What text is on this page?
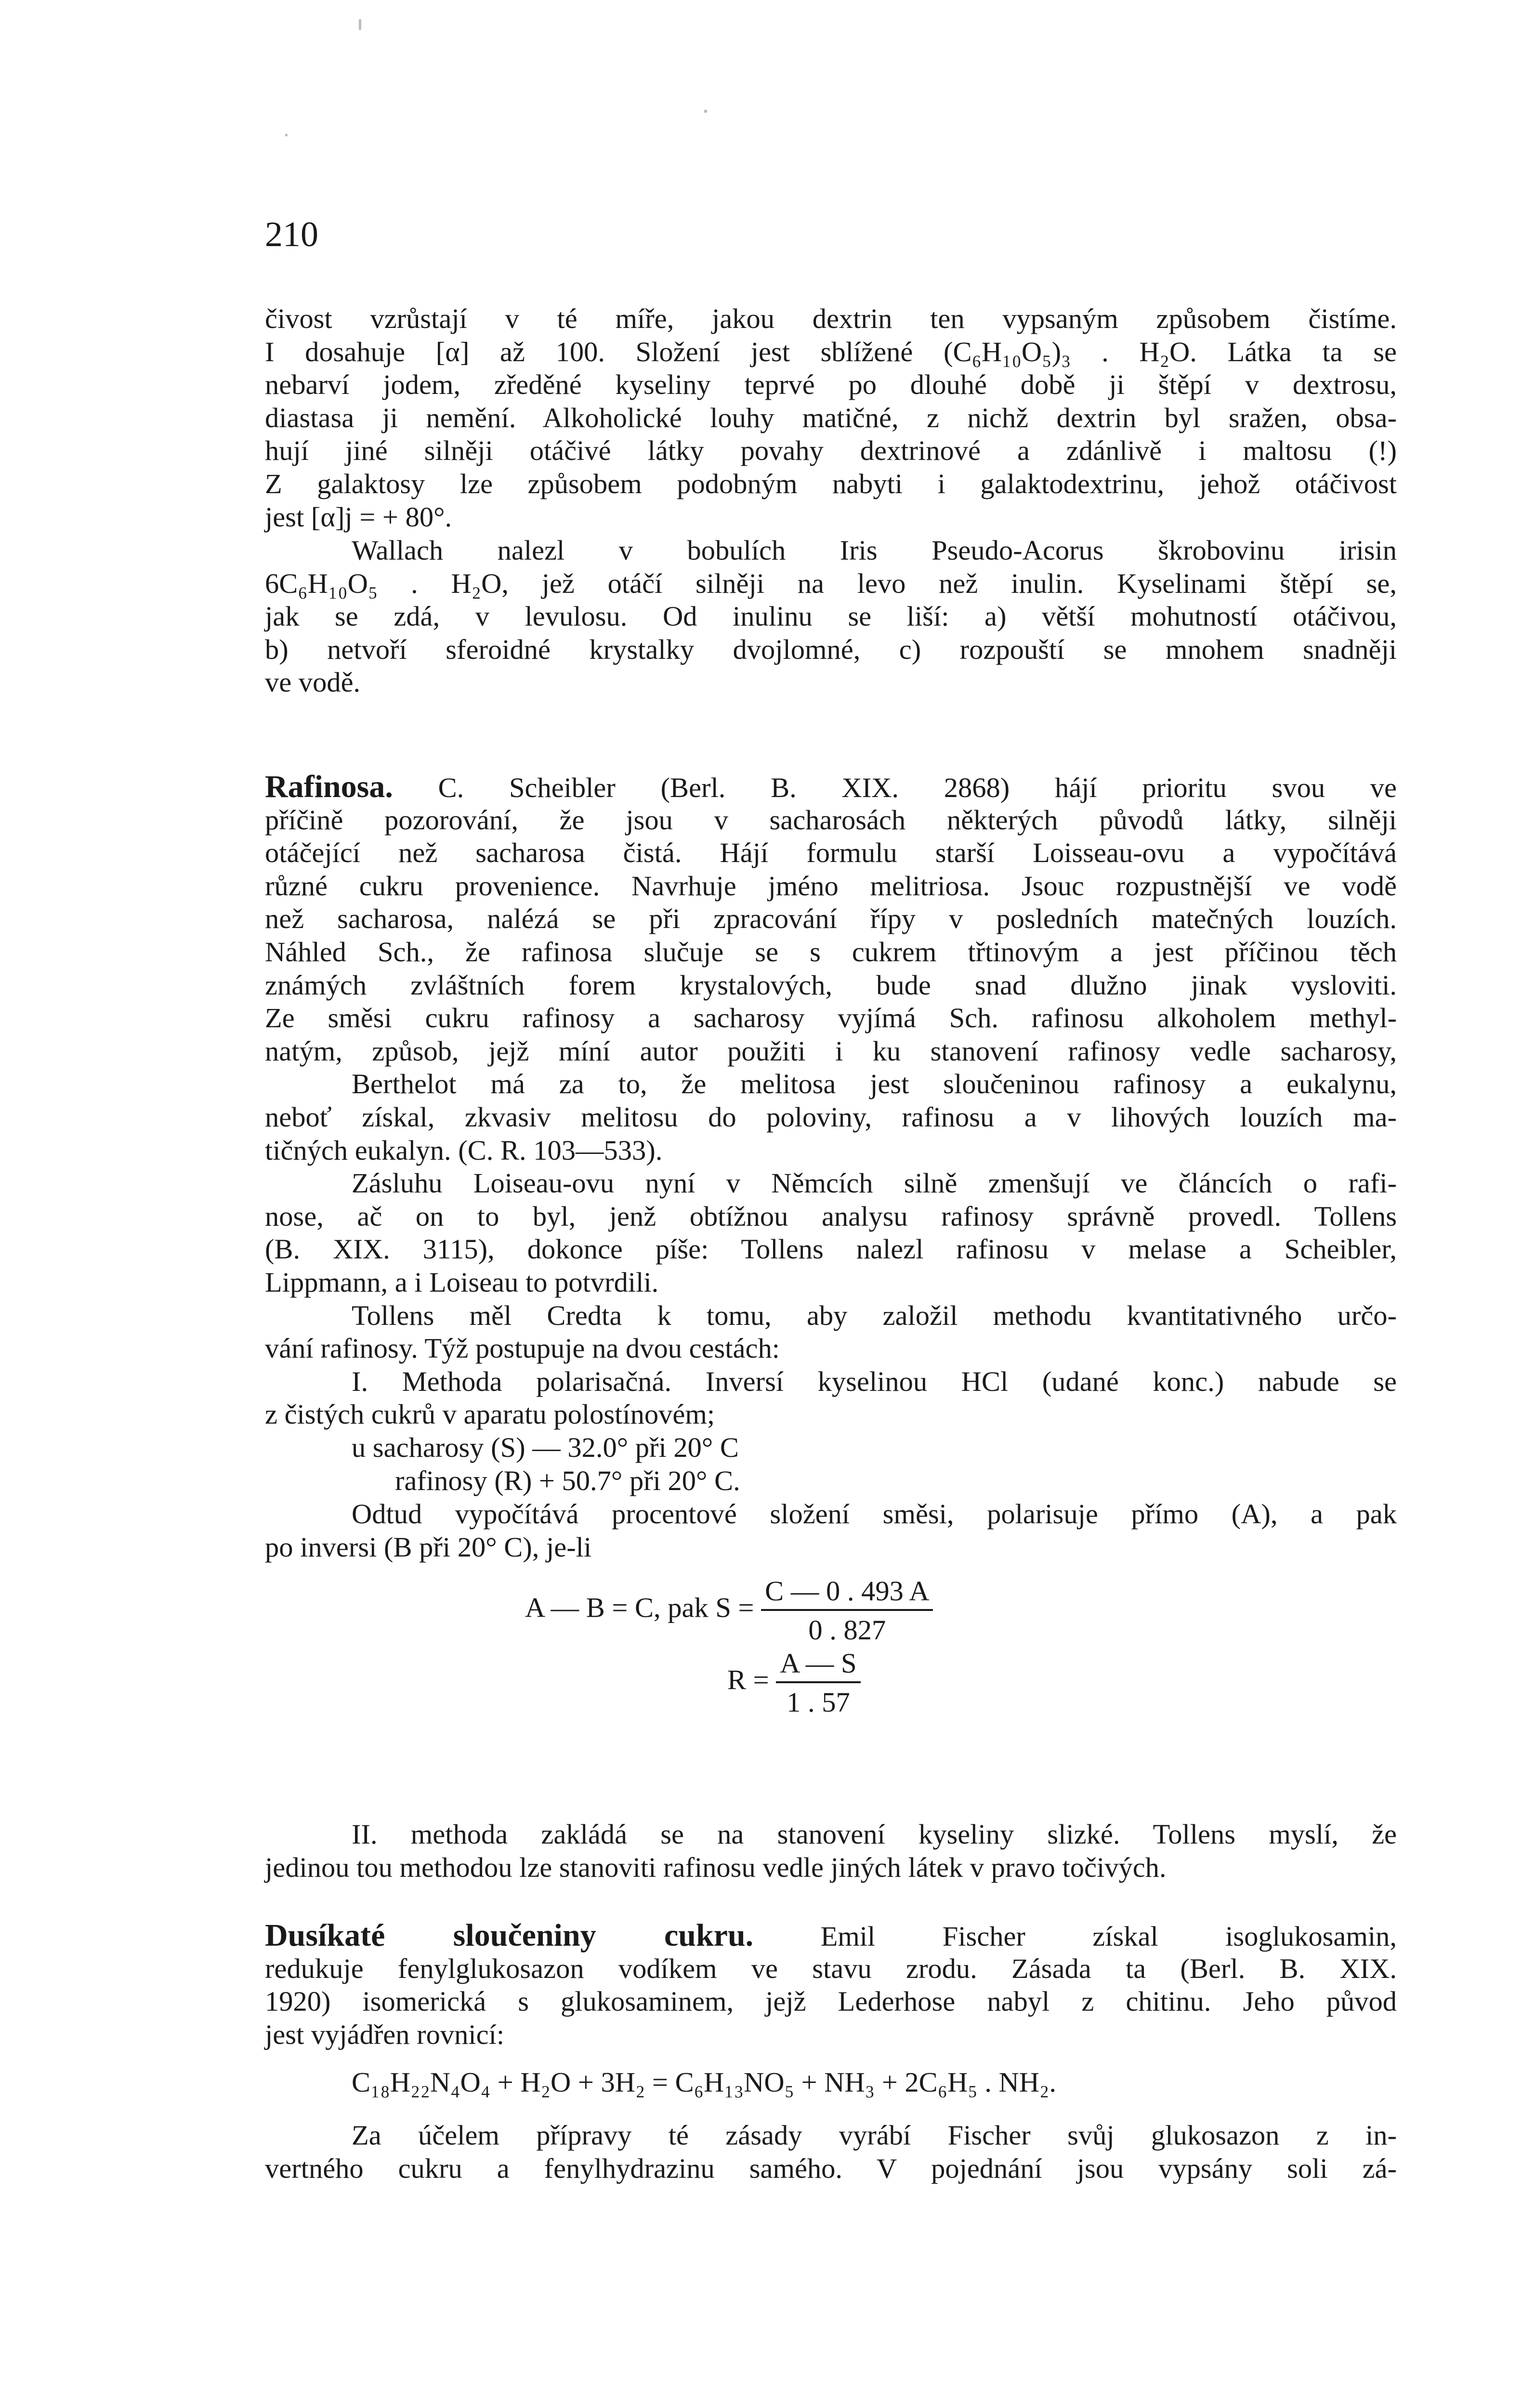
210
čivost vzrůstají v té míře, jakou dextrin ten vypsaným způsobem čistíme.
I dosahuje [α] až 100. Složení jest sblížené (C₆H₁₀O₅)₃ . H₂O. Látka ta se
nebarví jodem, zředěné kyseliny teprvé po dlouhé době ji štěpí v dextrosu,
diastasa ji nemění. Alkoholické louhy matičné, z nichž dextrin byl sražen, obsa-
hují jiné silněji otáčivé látky povahy dextrinové a zdánlivě i maltosu (!)
Z galaktosy lze způsobem podobným nabyti i galaktodextrinu, jehož otáčivost
jest [α]j = + 80°.
Wallach nalezl v bobulích Iris Pseudo-Acorus škrobovinu irisin
6C₆H₁₀O₅ . H₂O, jež otáčí silněji na levo než inulin. Kyselinami štěpí se,
jak se zdá, v levulosu. Od inulinu se liší: a) větší mohutností otáčivou,
b) netvoří sferoidné krystalky dvojlomné, c) rozpouští se mnohem snadněji
ve vodě.
Rafinosa. C. Scheibler (Berl. B. XIX. 2868) hájí prioritu svou ve
příčině pozorování, že jsou v sacharosách některých původů látky, silněji
otáčející než sacharosa čistá. Hájí formulu starší Loisseau-ovu a vypočítává
různé cukru provenience. Navrhuje jméno melitriosa. Jsouc rozpustnější ve vodě
než sacharosa, nalézá se při zpracování řípy v posledních matečných louzích.
Náhled Sch., že rafinosa slučuje se s cukrem třtinovým a jest příčinou těch
známých zvláštních forem krystalových, bude snad dlužno jinak vysloviti.
Ze směsi cukru rafinosy a sacharosy vyjímá Sch. rafinosu alkoholem methyl-
natým, způsob, jejž míní autor použiti i ku stanovení rafinosy vedle sacharosy,
Berthelot má za to, že melitosa jest sloučeninou rafinosy a eukalynu,
neboť získal, zkvasiv melitosu do poloviny, rafinosu a v lihových louzích ma-
tičných eukalyn. (C. R. 103—533).
Zásluhu Loiseau-ovu nyní v Němcích silně zmenšují ve článcích o rafi-
nose, ač on to byl, jenž obtížnou analysu rafinosy správně provedl. Tollens
(B. XIX. 3115), dokonce píše: Tollens nalezl rafinosu v melase a Scheibler,
Lippmann, a i Loiseau to potvrdili.
Tollens měl Credta k tomu, aby založil methodu kvantitativného určo-
vání rafinosy. Týž postupuje na dvou cestách:
I. Methoda polarisačná. Inversí kyselinou HCl (udané konc.) nabude se
z čistých cukrů v aparatu polostínovém;
u sacharosy (S) — 32.0° při 20° C
rafinosy (R) + 50.7° při 20° C.
Odtud vypočítává procentové složení směsi, polarisuje přímo (A), a pak
po inversi (B při 20° C), je-li
A — B = C, pak $S = \frac{C — 0 . 493 A}{0 . 827}$
$R = \frac{A — S}{1 . 57}$
II. methoda zakládá se na stanovení kyseliny slizké. Tollens myslí, že
jedinou tou methodou lze stanoviti rafinosu vedle jiných látek v pravo točivých.
Dusíkaté sloučeniny cukru. Emil Fischer získal isoglukosamin,
redukuje fenylglukosazon vodíkem ve stavu zrodu. Zásada ta (Berl. B. XIX.
1920) isomerická s glukosaminem, jejž Lederhose nabyl z chitinu. Jeho původ
jest vyjádřen rovnicí:
C₁₈H₂₂N₄O₄ + H₂O + 3H₂ = C₆H₁₃NO₅ + NH₃ + 2C₆H₅ . NH₂.
Za účelem přípravy té zásady vyrábí Fischer svůj glukosazon z in-
vertného cukru a fenylhydrazinu samého. V pojednání jsou vypsány soli zá-
